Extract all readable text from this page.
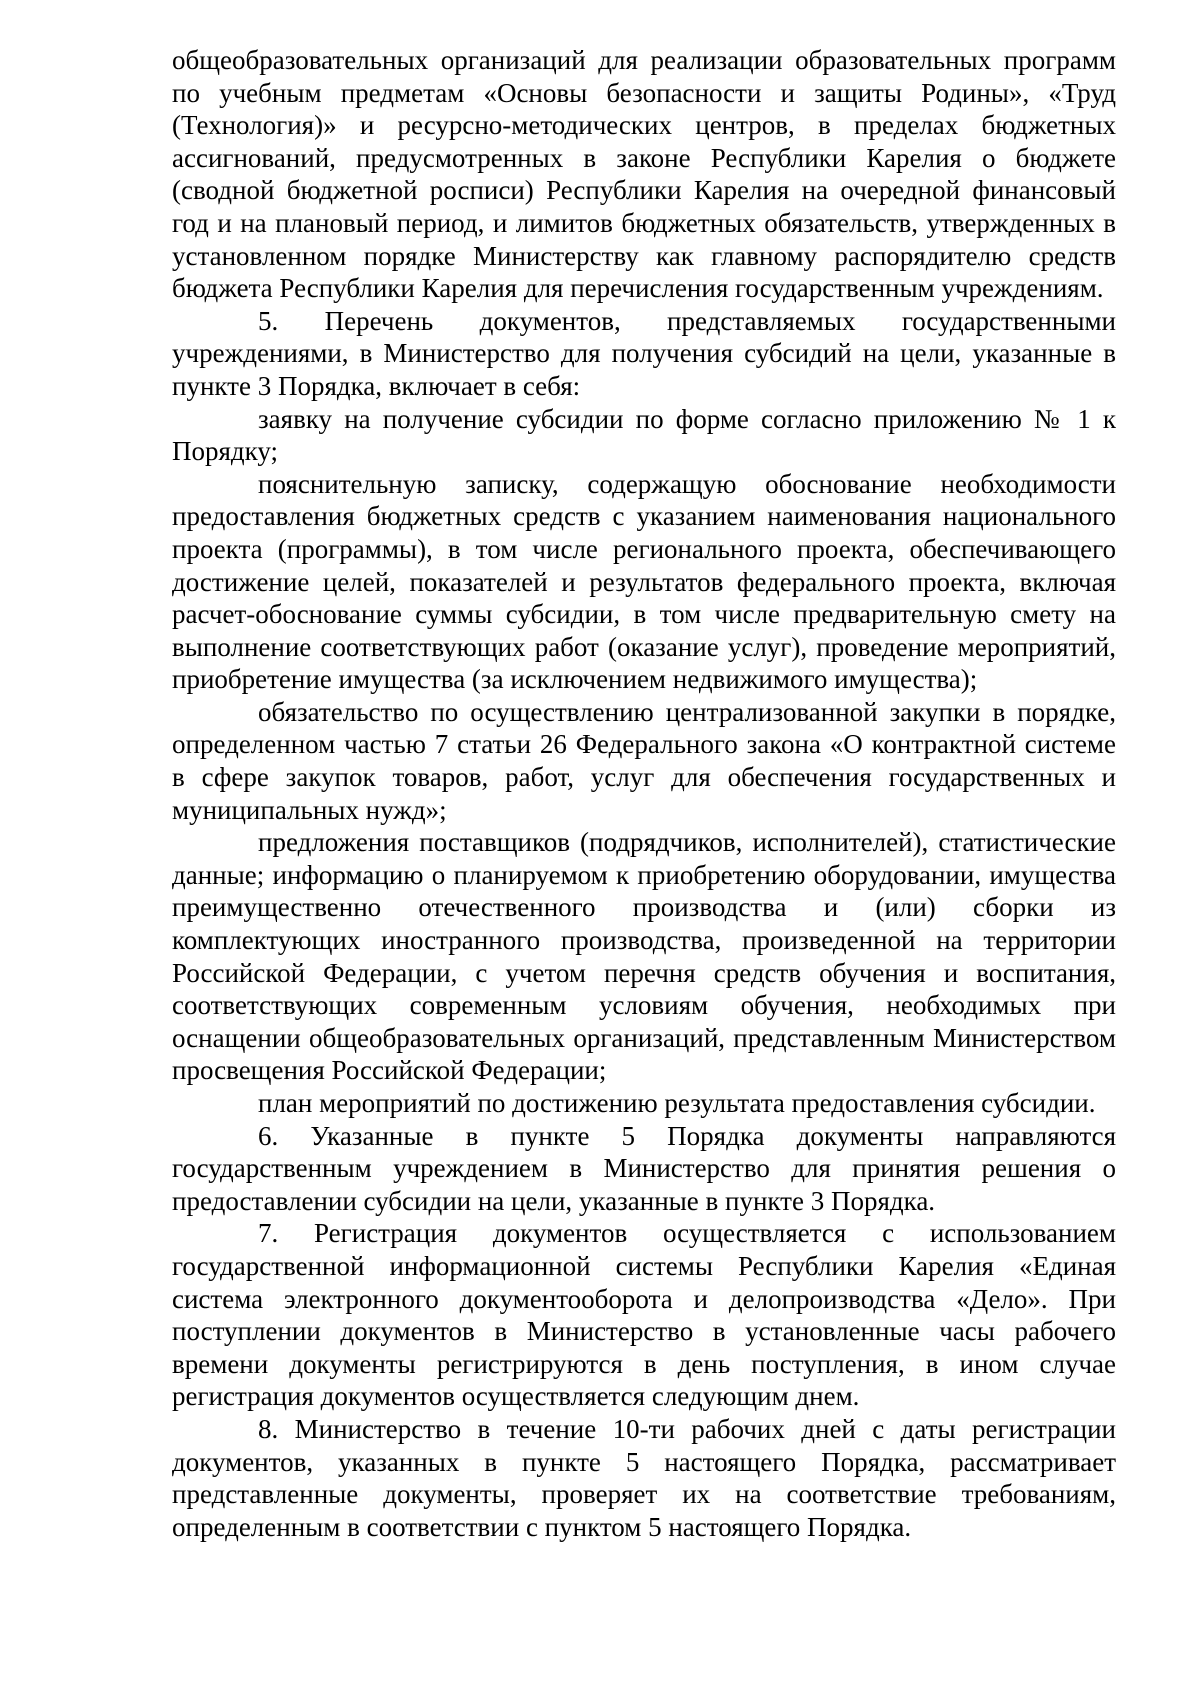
общеобразовательных организаций для реализации образовательных программ по учебным предметам «Основы безопасности и защиты Родины», «Труд (Технология)» и ресурсно-методических центров, в пределах бюджетных ассигнований, предусмотренных в законе Республики Карелия о бюджете (сводной бюджетной росписи) Республики Карелия на очередной финансовый год и на плановый период, и лимитов бюджетных обязательств, утвержденных в установленном порядке Министерству как главному распорядителю средств бюджета Республики Карелия для перечисления государственным учреждениям.

5. Перечень документов, представляемых государственными учреждениями, в Министерство для получения субсидий на цели, указанные в пункте 3 Порядка, включает в себя:

заявку на получение субсидии по форме согласно приложению № 1 к Порядку;

пояснительную записку, содержащую обоснование необходимости предоставления бюджетных средств с указанием наименования национального проекта (программы), в том числе регионального проекта, обеспечивающего достижение целей, показателей и результатов федерального проекта, включая расчет-обоснование суммы субсидии, в том числе предварительную смету на выполнение соответствующих работ (оказание услуг), проведение мероприятий, приобретение имущества (за исключением недвижимого имущества);

обязательство по осуществлению централизованной закупки в порядке, определенном частью 7 статьи 26 Федерального закона «О контрактной системе в сфере закупок товаров, работ, услуг для обеспечения государственных и муниципальных нужд»;

предложения поставщиков (подрядчиков, исполнителей), статистические данные; информацию о планируемом к приобретению оборудовании, имущества преимущественно отечественного производства и (или) сборки из комплектующих иностранного производства, произведенной на территории Российской Федерации, с учетом перечня средств обучения и воспитания, соответствующих современным условиям обучения, необходимых при оснащении общеобразовательных организаций, представленным Министерством просвещения Российской Федерации;

план мероприятий по достижению результата предоставления субсидии.

6. Указанные в пункте 5 Порядка документы направляются государственным учреждением в Министерство для принятия решения о предоставлении субсидии на цели, указанные в пункте 3 Порядка.

7. Регистрация документов осуществляется с использованием государственной информационной системы Республики Карелия «Единая система электронного документооборота и делопроизводства «Дело». При поступлении документов в Министерство в установленные часы рабочего времени документы регистрируются в день поступления, в ином случае регистрация документов осуществляется следующим днем.

8. Министерство в течение 10-ти рабочих дней с даты регистрации документов, указанных в пункте 5 настоящего Порядка, рассматривает представленные документы, проверяет их на соответствие требованиям, определенным в соответствии с пунктом 5 настоящего Порядка.
